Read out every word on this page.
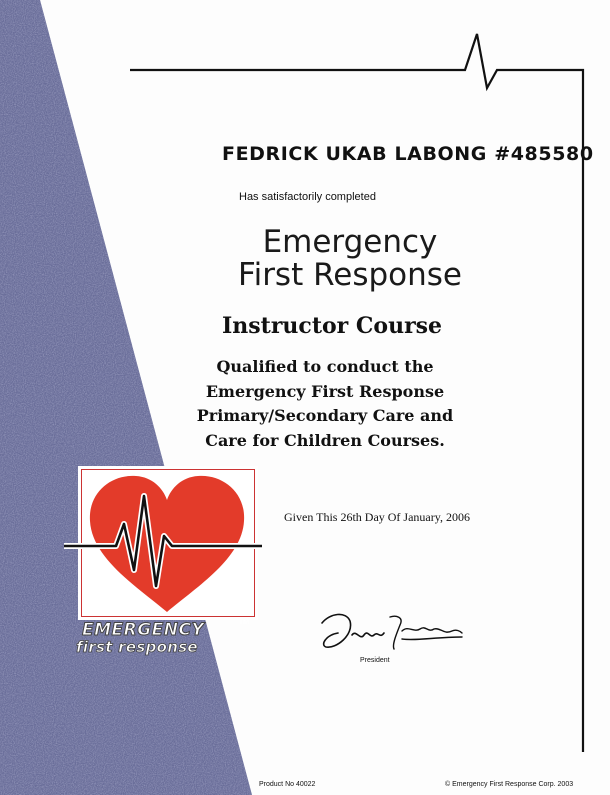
FEDRICK UKAB LABONG #485580
Has satisfactorily completed
Emergency
First Response
Instructor Course
Qualified to conduct the
Emergency First Response
Primary/Secondary Care and
Care for Children Courses.
Given This 26th Day Of January, 2006
EMERGENCY	TM
first response
President
Product No 40022	© Emergency First Response Corp. 2003
